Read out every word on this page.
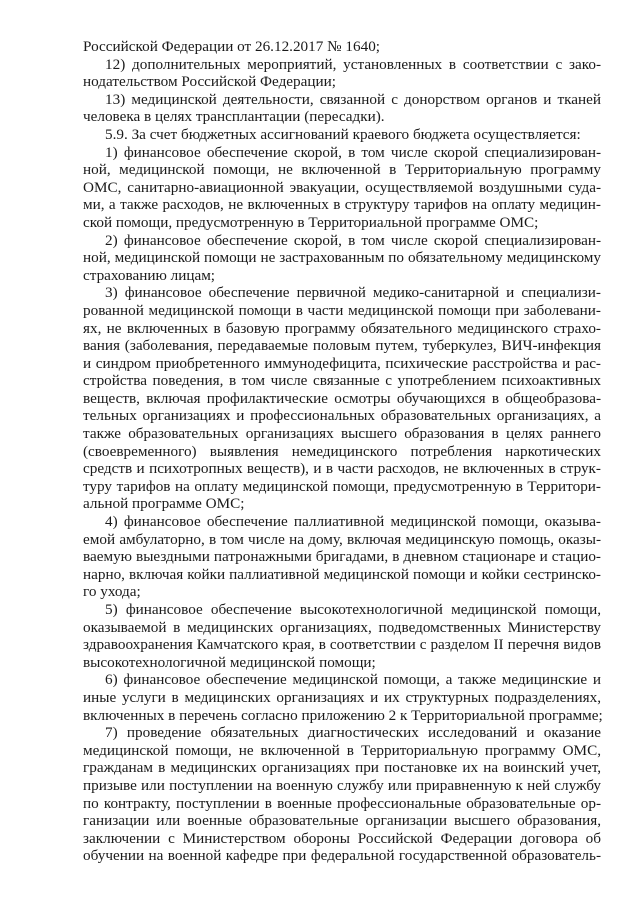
Российской Федерации от 26.12.2017 № 1640;
12) дополнительных мероприятий, установленных в соответствии с зако-
нодательством Российской Федерации;
13) медицинской деятельности, связанной с донорством органов и тканей
человека в целях трансплантации (пересадки).
5.9. За счет бюджетных ассигнований краевого бюджета осуществляется:
1) финансовое обеспечение скорой, в том числе скорой специализирован-
ной, медицинской помощи, не включенной в Территориальную программу
ОМС, санитарно-авиационной эвакуации, осуществляемой воздушными суда-
ми, а также расходов, не включенных в структуру тарифов на оплату медицин-
ской помощи, предусмотренную в Территориальной программе ОМС;
2) финансовое обеспечение скорой, в том числе скорой специализирован-
ной, медицинской помощи не застрахованным по обязательному медицинскому
страхованию лицам;
3) финансовое обеспечение первичной медико-санитарной и специализи-
рованной медицинской помощи в части медицинской помощи при заболевани-
ях, не включенных в базовую программу обязательного медицинского страхо-
вания (заболевания, передаваемые половым путем, туберкулез, ВИЧ-инфекция
и синдром приобретенного иммунодефицита, психические расстройства и рас-
стройства поведения, в том числе связанные с употреблением психоактивных
веществ, включая профилактические осмотры обучающихся в общеобразова-
тельных организациях и профессиональных образовательных организациях, а
также образовательных организациях высшего образования в целях раннего
(своевременного) выявления немедицинского потребления наркотических
средств и психотропных веществ), и в части расходов, не включенных в струк-
туру тарифов на оплату медицинской помощи, предусмотренную в Территори-
альной программе ОМС;
4) финансовое обеспечение паллиативной медицинской помощи, оказыва-
емой амбулаторно, в том числе на дому, включая медицинскую помощь, оказы-
ваемую выездными патронажными бригадами, в дневном стационаре и стацио-
нарно, включая койки паллиативной медицинской помощи и койки сестринско-
го ухода;
5) финансовое обеспечение высокотехнологичной медицинской помощи,
оказываемой в медицинских организациях, подведомственных Министерству
здравоохранения Камчатского края, в соответствии с разделом II перечня видов
высокотехнологичной медицинской помощи;
6) финансовое обеспечение медицинской помощи, а также медицинские и
иные услуги в медицинских организациях и их структурных подразделениях,
включенных в перечень согласно приложению 2 к Территориальной программе;
7) проведение обязательных диагностических исследований и оказание
медицинской помощи, не включенной в Территориальную программу ОМС,
гражданам в медицинских организациях при постановке их на воинский учет,
призыве или поступлении на военную службу или приравненную к ней службу
по контракту, поступлении в военные профессиональные образовательные ор-
ганизации или военные образовательные организации высшего образования,
заключении с Министерством обороны Российской Федерации договора об
обучении на военной кафедре при федеральной государственной образователь-
